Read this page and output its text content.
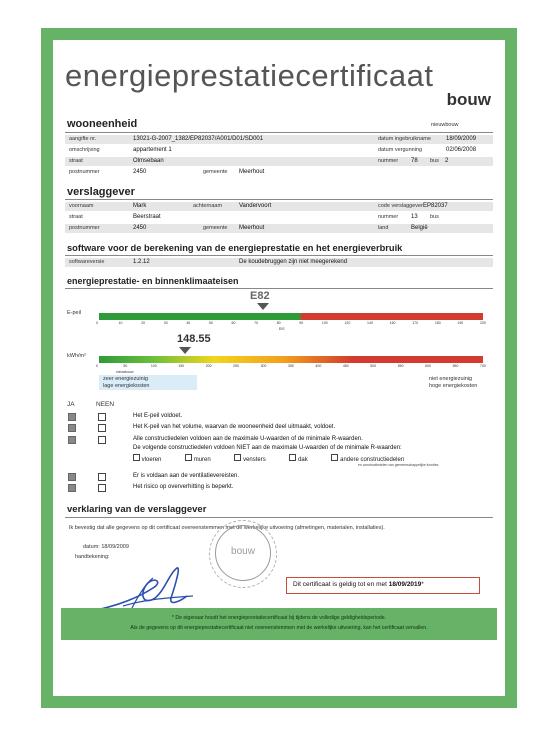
energieprestatiecertificaat
bouw
wooneenheid	nieuwbouw
aangifte nr.	13021-G-2007_1382/EP82037/A001/D01/SD001	datum ingebruikname	18/09/2009
omschrijving	appartement 1	datum vergunning	02/06/2008
straat	Olmsebaan	nummer 78 bus 2
postnummer	2450	gemeente Meerhout
verslaggever
voornaam	Mark	achternaam	Vandervoort	code verslaggever EP82037
straat	Beerstraat	nummer 13 bus
postnummer	2450	gemeente Meerhout	land	België
software voor de berekening van de energieprestatie en het energieverbruik
softwareversie	1.2.12	De koudebruggen zijn niet meegerekend
energieprestatie- en binnenklimaateisen
E82
E-peil
0	10	20	30	40	50	60	70	80	90	100	120	140	160	170	180	190	200
EIS
148.55
kWh/m²
0	50	100	150	200	250	300	350	400	450	500	550	600	650	700
nieuwbouw
zeer energiezuinig
lage energiekosten
niet energiezuinig
hoge energiekosten
JA	NEEN
Het E-peil voldoet.
Het K-peil van het volume, waarvan de wooneenheid deel uitmaakt, voldoet.
Alle constructiedelen voldoen aan de maximale U-waarden of de minimale R-waarden.
De volgende constructiedelen voldoen NIET aan de maximale U-waarden of de minimale R-waarden:
vloeren	muren	vensters	dak	andere constructiedelen
en constructiedelen van gemeenschappelijke functies
Er is voldaan aan de ventilatievereisten.
Het risico op oververhitting is beperkt.
verklaring van de verslaggever
Ik bevestig dat alle gegevens op dit certificaat overeenstemmen met de werkelijke uitvoering (afmetingen, materialen, installaties).
datum: 18/09/2009
handtekening:	bouw
Dit certificaat is geldig tot en met 18/09/2019*
* De eigenaar houdt het energieprestatiecertificaat bij tijdens de volledige geldigheidsperiode.
Als de gegevens op dit energieprestatiecertificaat niet overeenstemmen met de werkelijke uitvoering, kan het certificaat vervallen.
